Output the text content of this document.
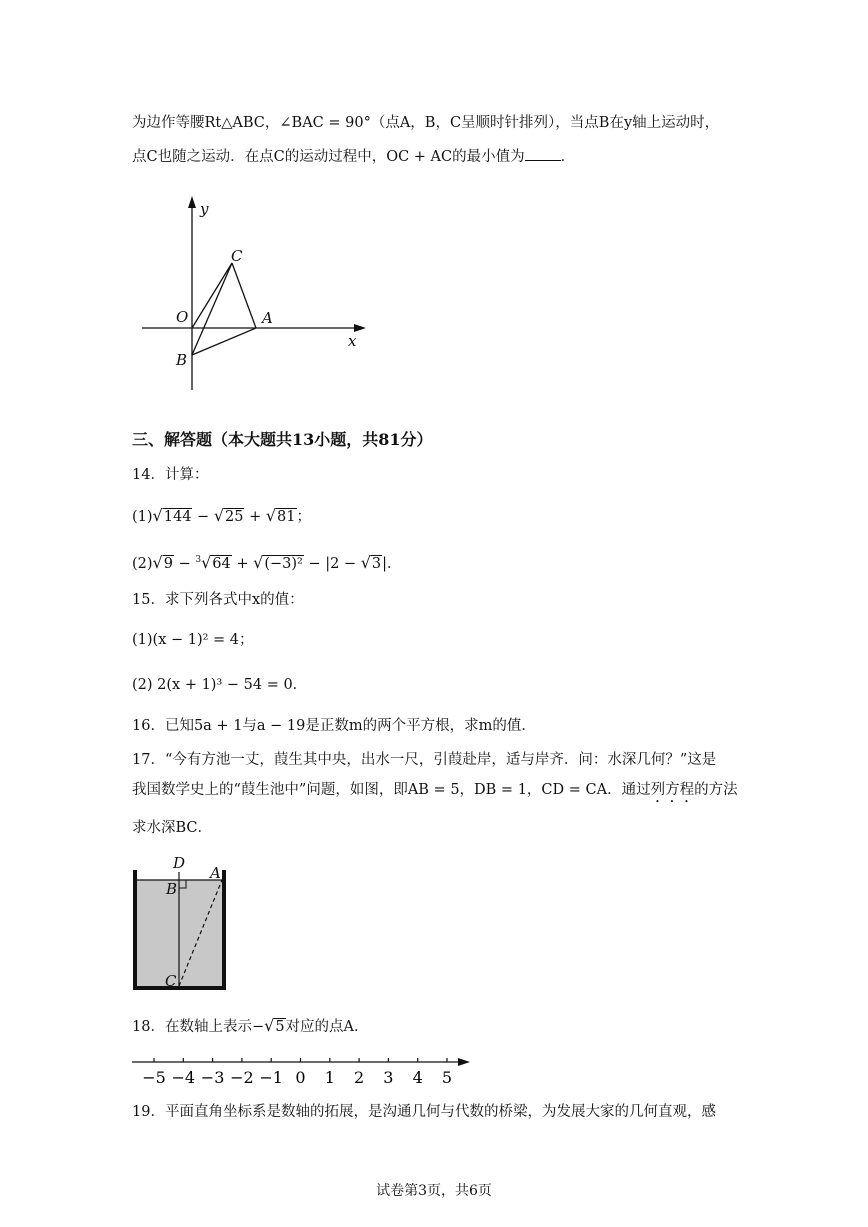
为边作等腰Rt△ABC，∠BAC = 90°（点A，B，C呈顺时针排列），当点B在y轴上运动时，
点C也随之运动．在点C的运动过程中，OC + AC的最小值为 ．
y
x
O	A
B
C
三、解答题（本大题共13小题，共81分）
14．计算：
(1)√144 − √25 + √81；
(2)√9 − $^3$√64 + √(−3)² − |2 − √3|．
15．求下列各式中x的值：
(1)(x − 1)² = 4；
(2) 2(x + 1)³ − 54 = 0．
16．已知5a + 1与a − 19是正数m的两个平方根，求m的值．
17．“今有方池一丈，葭生其中央，出水一尺，引葭赴岸，适与岸齐．问：水深几何？”这是
我国数学史上的“葭生池中”问题，如图，即AB = 5，DB = 1，CD = CA．通过列方程的方法
求水深BC．
D
A
B
C
18．在数轴上表示−√5对应的点A．
−5 −4 −3 −2 −1 0 1 2 3 4 5
19．平面直角坐标系是数轴的拓展，是沟通几何与代数的桥梁，为发展大家的几何直观，感
试卷第3页，共6页
